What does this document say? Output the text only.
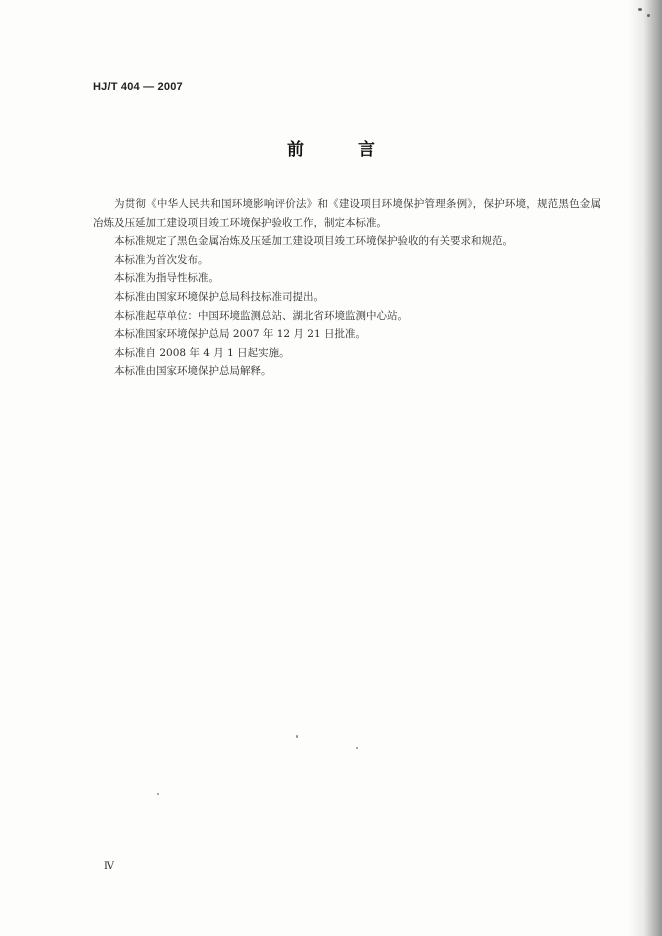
HJ/T 404 — 2007
前 言

为贯彻《中华人民共和国环境影响评价法》和《建设项目环境保护管理条例》，保护环境，规范黑色金属冶炼及压延加工建设项目竣工环境保护验收工作，制定本标准。

本标准规定了黑色金属冶炼及压延加工建设项目竣工环境保护验收的有关要求和规范。

本标准为首次发布。

本标准为指导性标准。

本标准由国家环境保护总局科技标准司提出。

本标准起草单位：中国环境监测总站、湖北省环境监测中心站。

本标准国家环境保护总局 2007 年 12 月 21 日批准。

本标准自 2008 年 4 月 1 日起实施。

本标准由国家环境保护总局解释。

Ⅳ
